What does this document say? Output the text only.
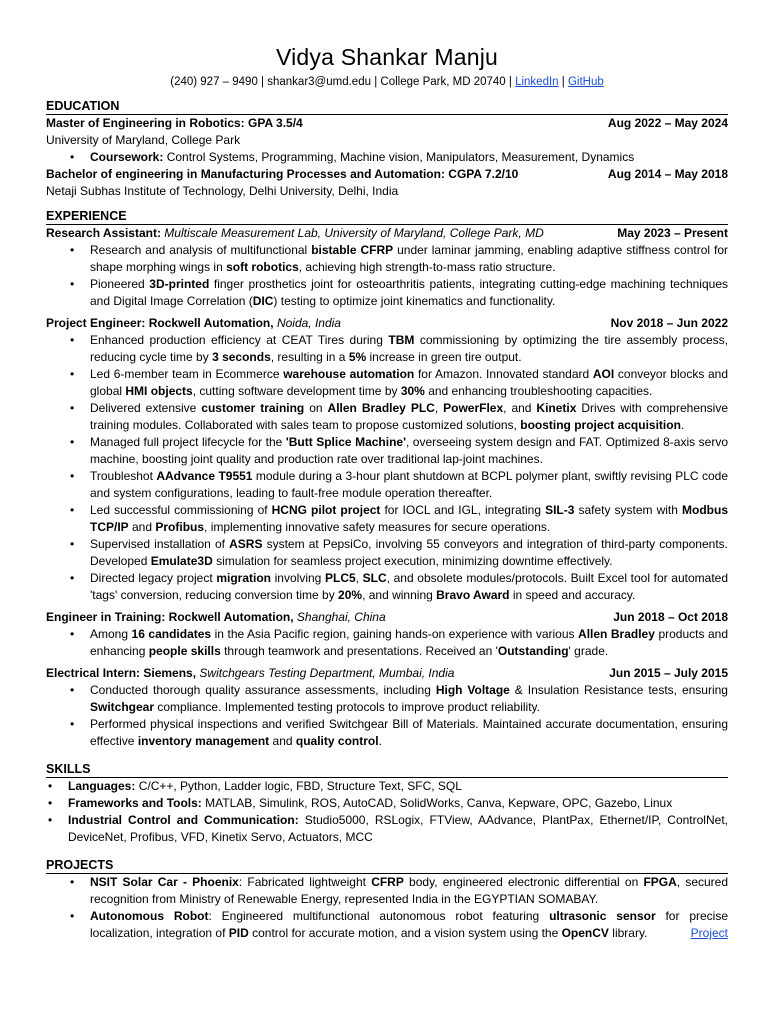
Vidya Shankar Manju
(240) 927 – 9490 | shankar3@umd.edu | College Park, MD 20740 | LinkedIn | GitHub
EDUCATION
Master of Engineering in Robotics: GPA 3.5/4	Aug 2022 – May 2024
University of Maryland, College Park
• Coursework: Control Systems, Programming, Machine vision, Manipulators, Measurement, Dynamics
Bachelor of engineering in Manufacturing Processes and Automation: CGPA 7.2/10	Aug 2014 – May 2018
Netaji Subhas Institute of Technology, Delhi University, Delhi, India
EXPERIENCE
Research Assistant: Multiscale Measurement Lab, University of Maryland, College Park, MD	May 2023 – Present
• Research and analysis of multifunctional bistable CFRP under laminar jamming, enabling adaptive stiffness control for shape morphing wings in soft robotics, achieving high strength-to-mass ratio structure.
• Pioneered 3D-printed finger prosthetics joint for osteoarthritis patients, integrating cutting-edge machining techniques and Digital Image Correlation (DIC) testing to optimize joint kinematics and functionality.
Project Engineer: Rockwell Automation, Noida, India	Nov 2018 – Jun 2022
• Enhanced production efficiency at CEAT Tires during TBM commissioning by optimizing the tire assembly process, reducing cycle time by 3 seconds, resulting in a 5% increase in green tire output.
• Led 6-member team in Ecommerce warehouse automation for Amazon. Innovated standard AOI conveyor blocks and global HMI objects, cutting software development time by 30% and enhancing troubleshooting capacities.
• Delivered extensive customer training on Allen Bradley PLC, PowerFlex, and Kinetix Drives with comprehensive training modules. Collaborated with sales team to propose customized solutions, boosting project acquisition.
• Managed full project lifecycle for the 'Butt Splice Machine', overseeing system design and FAT. Optimized 8-axis servo machine, boosting joint quality and production rate over traditional lap-joint machines.
• Troubleshot AAdvance T9551 module during a 3-hour plant shutdown at BCPL polymer plant, swiftly revising PLC code and system configurations, leading to fault-free module operation thereafter.
• Led successful commissioning of HCNG pilot project for IOCL and IGL, integrating SIL-3 safety system with Modbus TCP/IP and Profibus, implementing innovative safety measures for secure operations.
• Supervised installation of ASRS system at PepsiCo, involving 55 conveyors and integration of third-party components. Developed Emulate3D simulation for seamless project execution, minimizing downtime effectively.
• Directed legacy project migration involving PLC5, SLC, and obsolete modules/protocols. Built Excel tool for automated 'tags' conversion, reducing conversion time by 20%, and winning Bravo Award in speed and accuracy.
Engineer in Training: Rockwell Automation, Shanghai, China	Jun 2018 – Oct 2018
• Among 16 candidates in the Asia Pacific region, gaining hands-on experience with various Allen Bradley products and enhancing people skills through teamwork and presentations. Received an 'Outstanding' grade.
Electrical Intern: Siemens, Switchgears Testing Department, Mumbai, India	Jun 2015 – July 2015
• Conducted thorough quality assurance assessments, including High Voltage & Insulation Resistance tests, ensuring Switchgear compliance. Implemented testing protocols to improve product reliability.
• Performed physical inspections and verified Switchgear Bill of Materials. Maintained accurate documentation, ensuring effective inventory management and quality control.
SKILLS
• Languages: C/C++, Python, Ladder logic, FBD, Structure Text, SFC, SQL
• Frameworks and Tools: MATLAB, Simulink, ROS, AutoCAD, SolidWorks, Canva, Kepware, OPC, Gazebo, Linux
• Industrial Control and Communication: Studio5000, RSLogix, FTView, AAdvance, PlantPax, Ethernet/IP, ControlNet, DeviceNet, Profibus, VFD, Kinetix Servo, Actuators, MCC
PROJECTS
• NSIT Solar Car - Phoenix: Fabricated lightweight CFRP body, engineered electronic differential on FPGA, secured recognition from Ministry of Renewable Energy, represented India in the EGYPTIAN SOMABAY.
• Autonomous Robot: Engineered multifunctional autonomous robot featuring ultrasonic sensor for precise localization, integration of PID control for accurate motion, and a vision system using the OpenCV library.	Project
